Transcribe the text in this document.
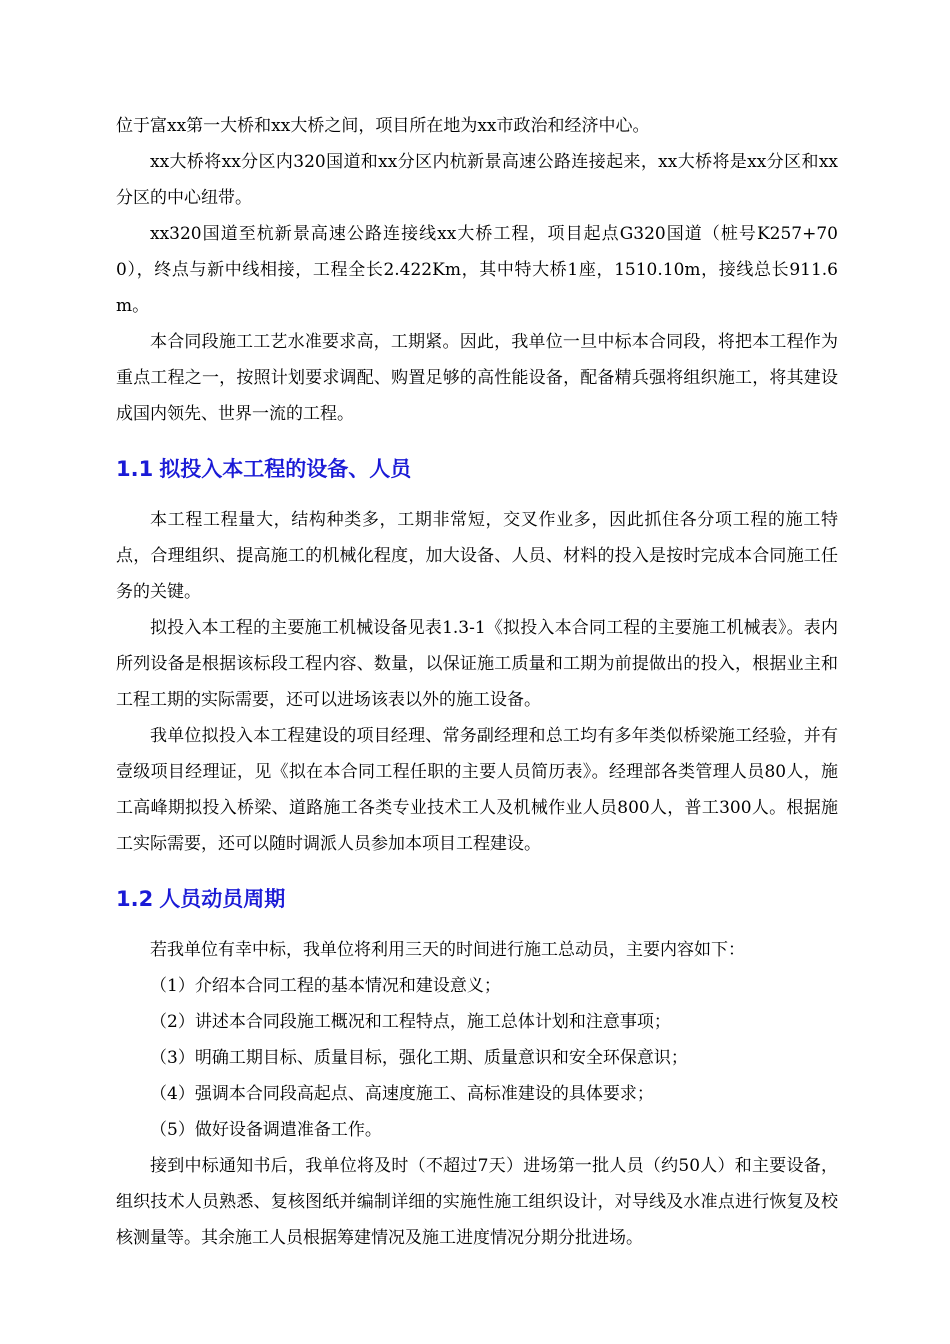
位于富xx第一大桥和xx大桥之间，项目所在地为xx市政治和经济中心。

xx大桥将xx分区内320国道和xx分区内杭新景高速公路连接起来，xx大桥将是xx分区和xx分区的中心纽带。

xx320国道至杭新景高速公路连接线xx大桥工程，项目起点G320国道（桩号K257+700），终点与新中线相接，工程全长2.422Km，其中特大桥1座，1510.10m，接线总长911.6m。

本合同段施工工艺水准要求高，工期紧。因此，我单位一旦中标本合同段，将把本工程作为重点工程之一，按照计划要求调配、购置足够的高性能设备，配备精兵强将组织施工，将其建设成国内领先、世界一流的工程。

1.1 拟投入本工程的设备、人员

本工程工程量大，结构种类多，工期非常短，交叉作业多，因此抓住各分项工程的施工特点，合理组织、提高施工的机械化程度，加大设备、人员、材料的投入是按时完成本合同施工任务的关键。

拟投入本工程的主要施工机械设备见表1.3-1《拟投入本合同工程的主要施工机械表》。表内所列设备是根据该标段工程内容、数量，以保证施工质量和工期为前提做出的投入，根据业主和工程工期的实际需要，还可以进场该表以外的施工设备。

我单位拟投入本工程建设的项目经理、常务副经理和总工均有多年类似桥梁施工经验，并有壹级项目经理证，见《拟在本合同工程任职的主要人员简历表》。经理部各类管理人员80人，施工高峰期拟投入桥梁、道路施工各类专业技术工人及机械作业人员800人，普工300人。根据施工实际需要，还可以随时调派人员参加本项目工程建设。

1.2 人员动员周期

若我单位有幸中标，我单位将利用三天的时间进行施工总动员，主要内容如下：

（1）介绍本合同工程的基本情况和建设意义；

（2）讲述本合同段施工概况和工程特点，施工总体计划和注意事项；

（3）明确工期目标、质量目标，强化工期、质量意识和安全环保意识；

（4）强调本合同段高起点、高速度施工、高标准建设的具体要求；

（5）做好设备调遣准备工作。

接到中标通知书后，我单位将及时（不超过7天）进场第一批人员（约50人）和主要设备，组织技术人员熟悉、复核图纸并编制详细的实施性施工组织设计，对导线及水准点进行恢复及校核测量等。其余施工人员根据筹建情况及施工进度情况分期分批进场。
